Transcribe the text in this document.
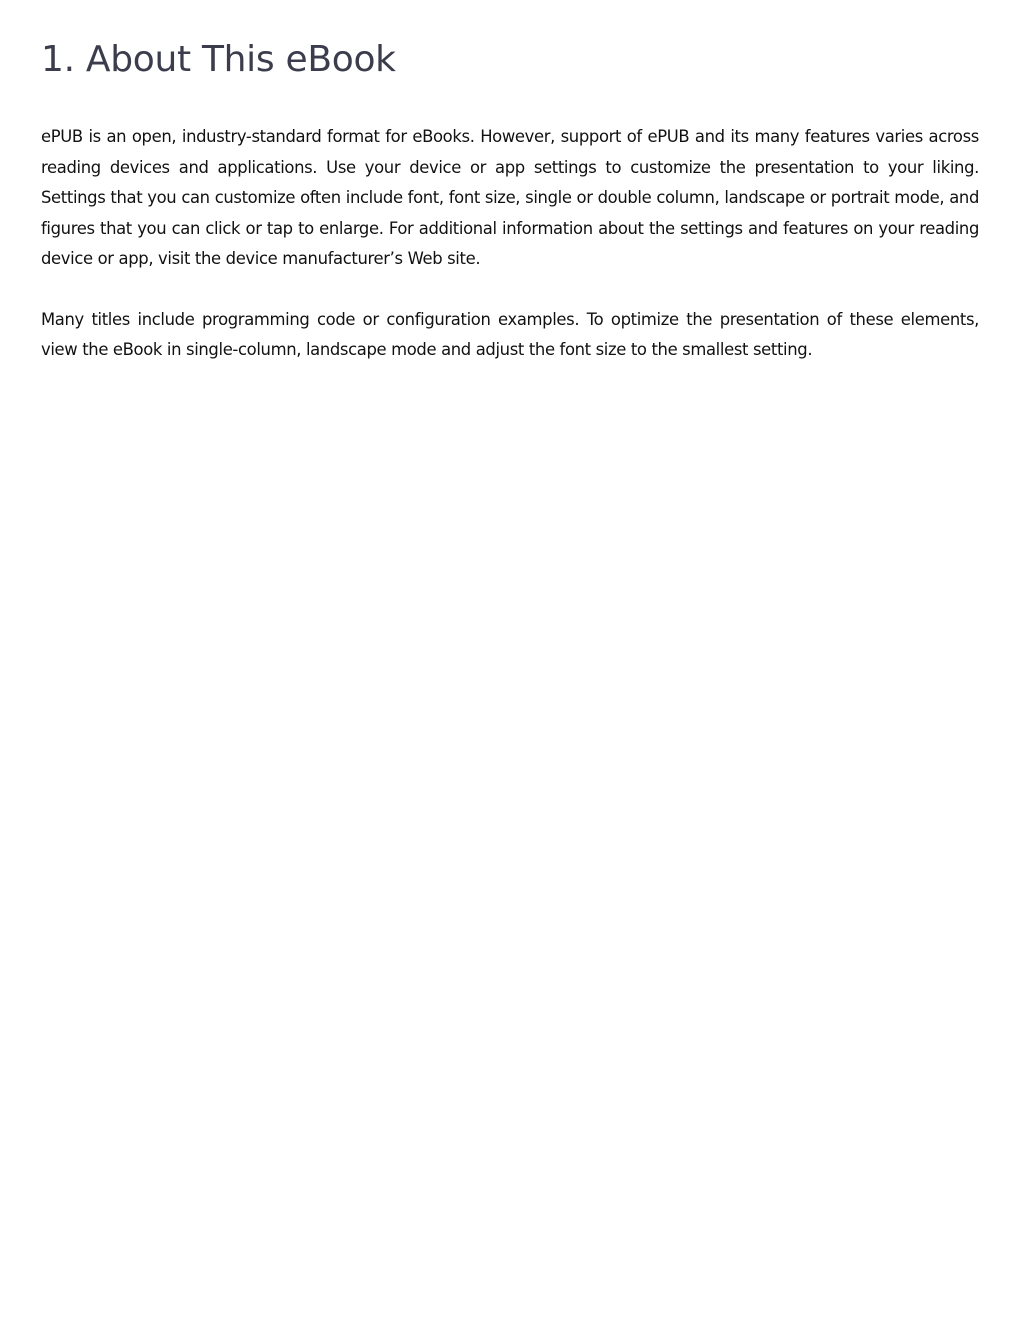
1. About This eBook

ePUB is an open, industry-standard format for eBooks. However, support of ePUB and its many features varies across reading devices and applications. Use your device or app settings to customize the presentation to your liking. Settings that you can customize often include font, font size, single or double column, landscape or portrait mode, and figures that you can click or tap to enlarge. For additional information about the settings and features on your reading device or app, visit the device manufacturer’s Web site.

Many titles include programming code or configuration examples. To optimize the presentation of these elements, view the eBook in single-column, landscape mode and adjust the font size to the smallest setting.
